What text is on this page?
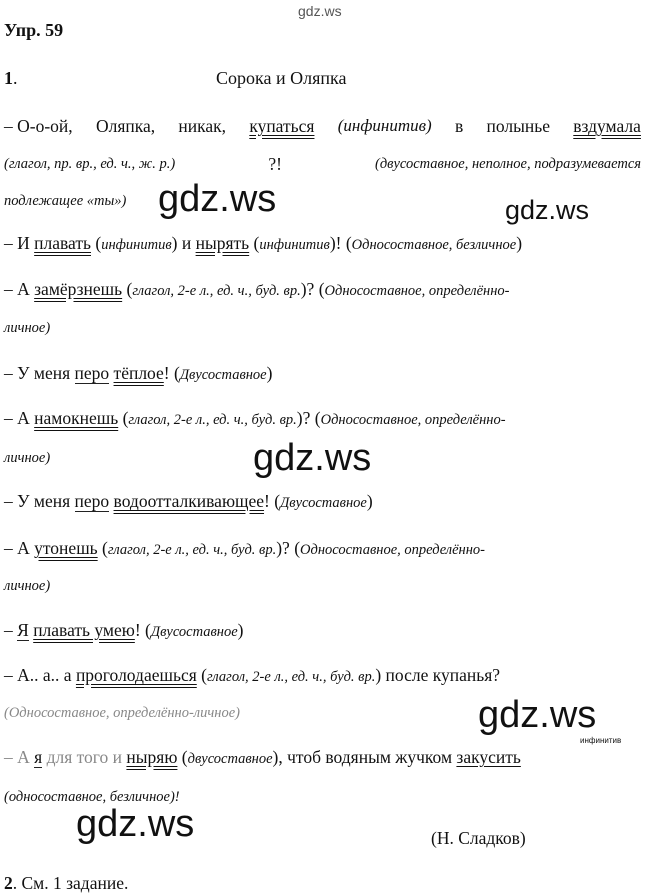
gdz.ws
gdz.ws	gdz.ws
gdz.ws
gdz.ws
gdz.ws
Упр. 59
1.	Сорока и Оляпка
– О-о-ой, Оляпка, никак, купаться (инфинитив) в полынье вздумала
(глагол, пр. вр., ед. ч., ж. р.)	?!	(двусоставное, неполное, подразумевается
подлежащее «ты»)
– И плавать (инфинитив) и нырять (инфинитив)! (Односоставное, безличное)
– А замёрзнешь (глагол, 2-е л., ед. ч., буд. вр.)? (Односоставное, определённо-
личное)
– У меня перо тёплое! (Двусоставное)
– А намокнешь (глагол, 2-е л., ед. ч., буд. вр.)? (Односоставное, определённо-
личное)
– У меня перо водоотталкивающее! (Двусоставное)
– А утонешь (глагол, 2-е л., ед. ч., буд. вр.)? (Односоставное, определённо-
личное)
– Я плавать умею! (Двусоставное)
– А.. а.. а проголодаешься (глагол, 2-е л., ед. ч., буд. вр.) после купанья?
(Односоставное, определённо-личное)
инфинитив
– А я для того и ныряю (двусоставное), чтоб водяным жучком закусить
(односоставное, безличное)!
(Н. Сладков)
2. См. 1 задание.
